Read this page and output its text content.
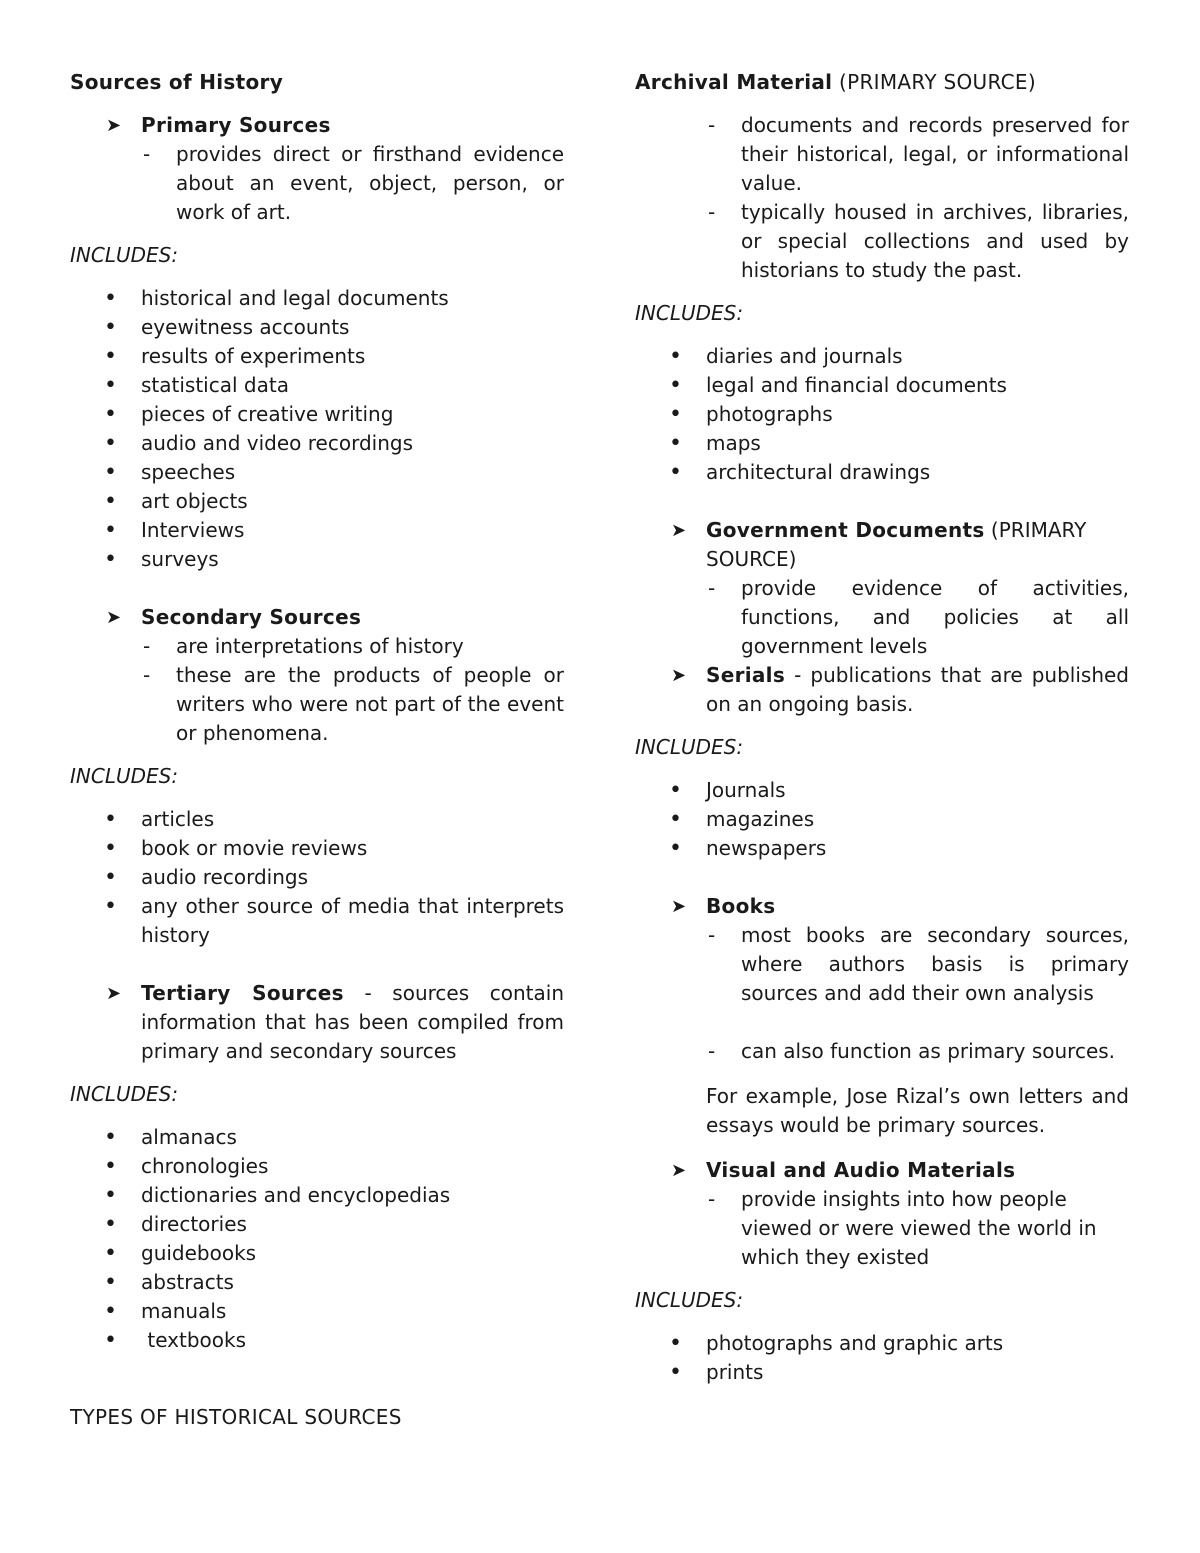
Sources of History

➤ Primary Sources
- provides direct or firsthand evidence about an event, object, person, or work of art.

INCLUDES:

• historical and legal documents
• eyewitness accounts
• results of experiments
• statistical data
• pieces of creative writing
• audio and video recordings
• speeches
• art objects
• Interviews
• surveys
➤ Secondary Sources
- are interpretations of history
- these are the products of people or writers who were not part of the event or phenomena.

INCLUDES:

• articles
• book or movie reviews
• audio recordings
• any other source of media that interprets history
➤ Tertiary Sources - sources contain information that has been compiled from primary and secondary sources

INCLUDES:

• almanacs
• chronologies
• dictionaries and encyclopedias
• directories
• guidebooks
• abstracts
• manuals
•  textbooks

TYPES OF HISTORICAL SOURCES

Archival Material (PRIMARY SOURCE)

- documents and records preserved for their historical, legal, or informational value.
- typically housed in archives, libraries, or special collections and used by historians to study the past.

INCLUDES:

• diaries and journals
• legal and financial documents
• photographs
• maps
• architectural drawings
➤ Government Documents (PRIMARY SOURCE)
- provide evidence of activities, functions, and policies at all government levels
➤ Serials - publications that are published on an ongoing basis.

INCLUDES:

• Journals
• magazines
• newspapers
➤ Books
- most books are secondary sources, where authors basis is primary sources and add their own analysis
- can also function as primary sources.

For example, Jose Rizal’s own letters and essays would be primary sources.

➤ Visual and Audio Materials
- provide insights into how people viewed or were viewed the world in which they existed

INCLUDES:

• photographs and graphic arts
• prints
